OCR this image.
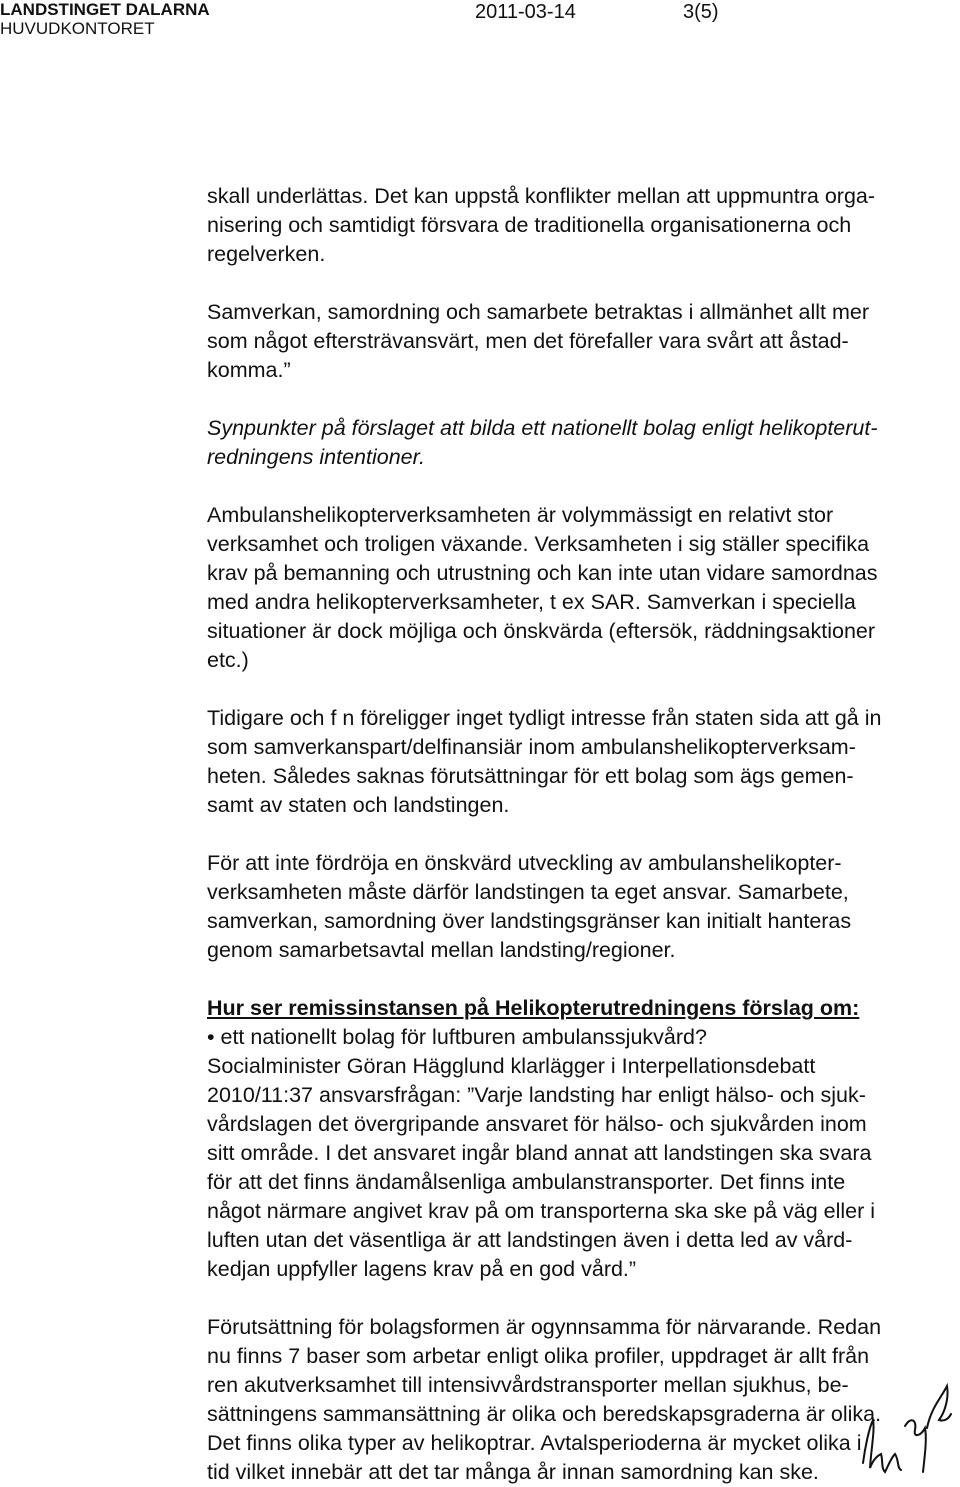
LANDSTINGET DALARNA
HUVUDKONTORET
2011-03-14	3(5)
skall underlättas. Det kan uppstå konflikter mellan att uppmuntra orga-
nisering och samtidigt försvara de traditionella organisationerna och
regelverken.
Samverkan, samordning och samarbete betraktas i allmänhet allt mer
som något eftersträvansvärt, men det förefaller vara svårt att åstad-
komma.”
Synpunkter på förslaget att bilda ett nationellt bolag enligt helikopterut-
redningens intentioner.
Ambulanshelikopterverksamheten är volymmässigt en relativt stor
verksamhet och troligen växande. Verksamheten i sig ställer specifika
krav på bemanning och utrustning och kan inte utan vidare samordnas
med andra helikopterverksamheter, t ex SAR. Samverkan i speciella
situationer är dock möjliga och önskvärda (eftersök, räddningsaktioner
etc.)
Tidigare och f n föreligger inget tydligt intresse från staten sida att gå in
som samverkanspart/delfinansiär inom ambulanshelikopterverksam-
heten. Således saknas förutsättningar för ett bolag som ägs gemen-
samt av staten och landstingen.
För att inte fördröja en önskvärd utveckling av ambulanshelikopter-
verksamheten måste därför landstingen ta eget ansvar. Samarbete,
samverkan, samordning över landstingsgränser kan initialt hanteras
genom samarbetsavtal mellan landsting/regioner.
Hur ser remissinstansen på Helikopterutredningens förslag om:
• ett nationellt bolag för luftburen ambulanssjukvård?
Socialminister Göran Hägglund klarlägger i Interpellationsdebatt
2010/11:37 ansvarsfrågan: ”Varje landsting har enligt hälso- och sjuk-
vårdslagen det övergripande ansvaret för hälso- och sjukvården inom
sitt område. I det ansvaret ingår bland annat att landstingen ska svara
för att det finns ändamålsenliga ambulanstransporter. Det finns inte
något närmare angivet krav på om transporterna ska ske på väg eller i
luften utan det väsentliga är att landstingen även i detta led av vård-
kedjan uppfyller lagens krav på en god vård.”
Förutsättning för bolagsformen är ogynnsamma för närvarande. Redan
nu finns 7 baser som arbetar enligt olika profiler, uppdraget är allt från
ren akutverksamhet till intensivvårdstransporter mellan sjukhus, be-
sättningens sammansättning är olika och beredskapsgraderna är olika.
Det finns olika typer av helikoptrar. Avtalsperioderna är mycket olika i
tid vilket innebär att det tar många år innan samordning kan ske.
